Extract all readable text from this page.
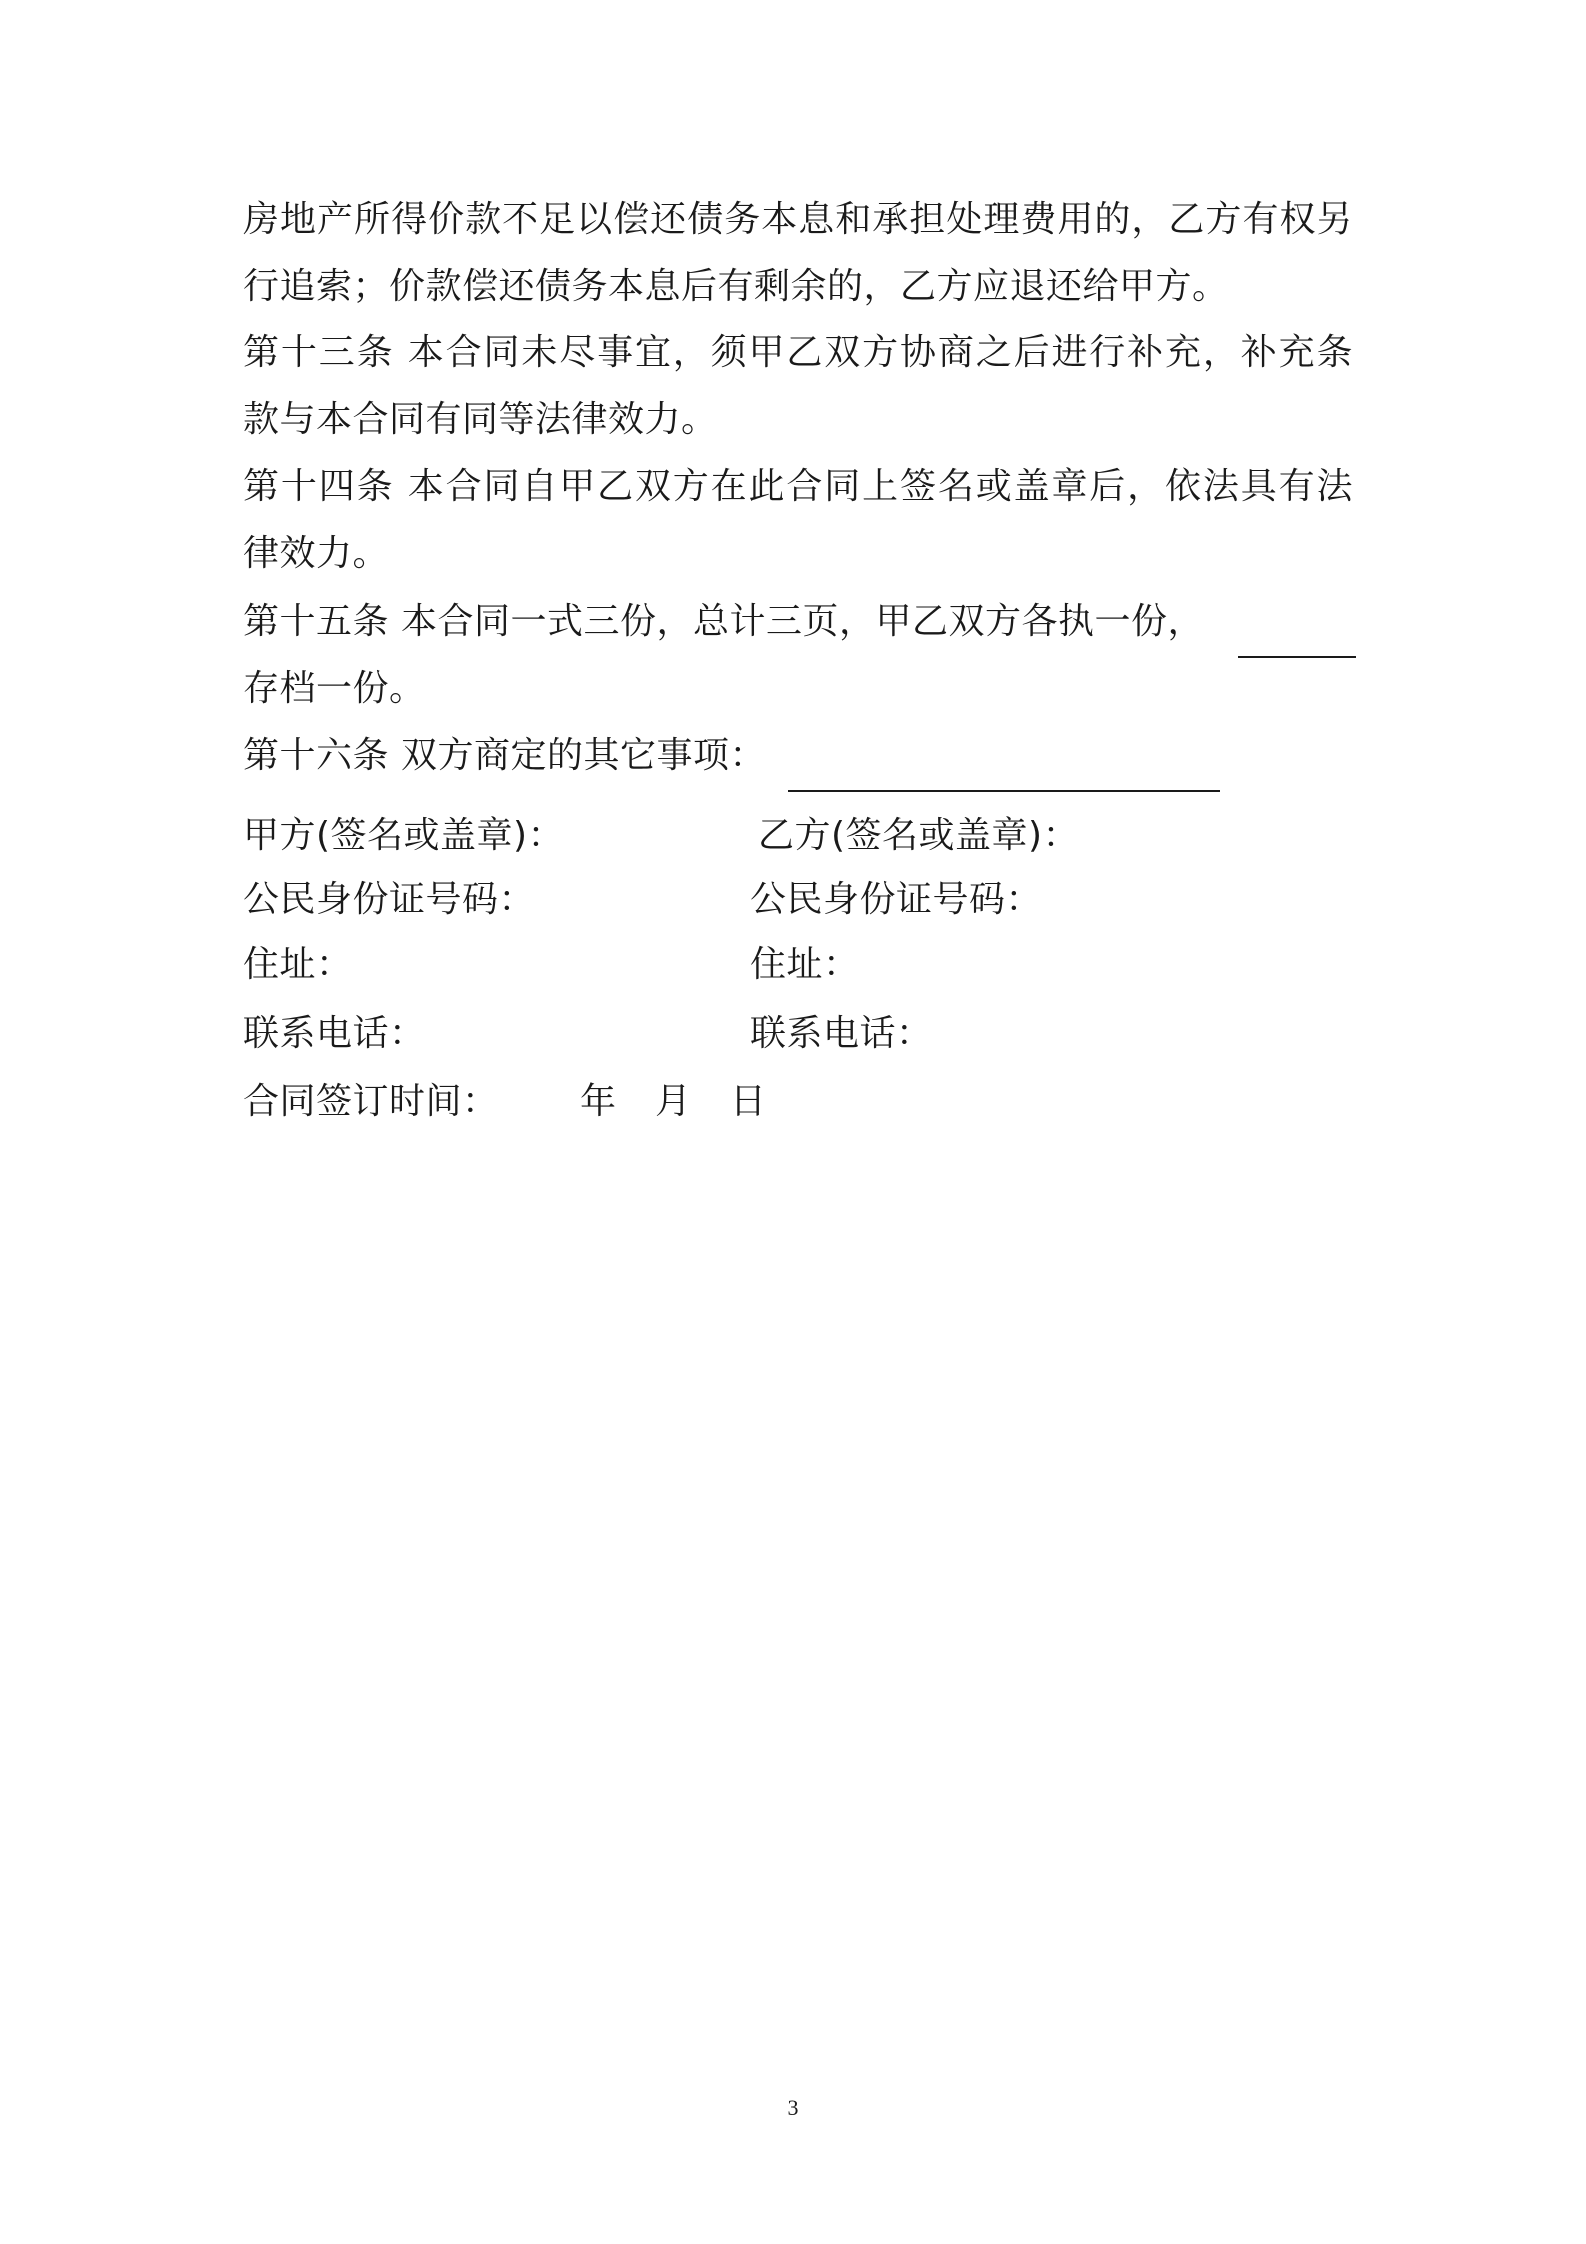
房地产所得价款不足以偿还债务本息和承担处理费用的，乙方有权另
行追索；价款偿还债务本息后有剩余的，乙方应退还给甲方。
第十三条 本合同未尽事宜，须甲乙双方协商之后进行补充，补充条
款与本合同有同等法律效力。
第十四条 本合同自甲乙双方在此合同上签名或盖章后，依法具有法
律效力。
第十五条 本合同一式三份，总计三页，甲乙双方各执一份，
存档一份。
第十六条 双方商定的其它事项：
甲方(签名或盖章)：	乙方(签名或盖章)：
公民身份证号码：	公民身份证号码：
住址：	住址：
联系电话：	联系电话：
合同签订时间： 年 月 日
3
